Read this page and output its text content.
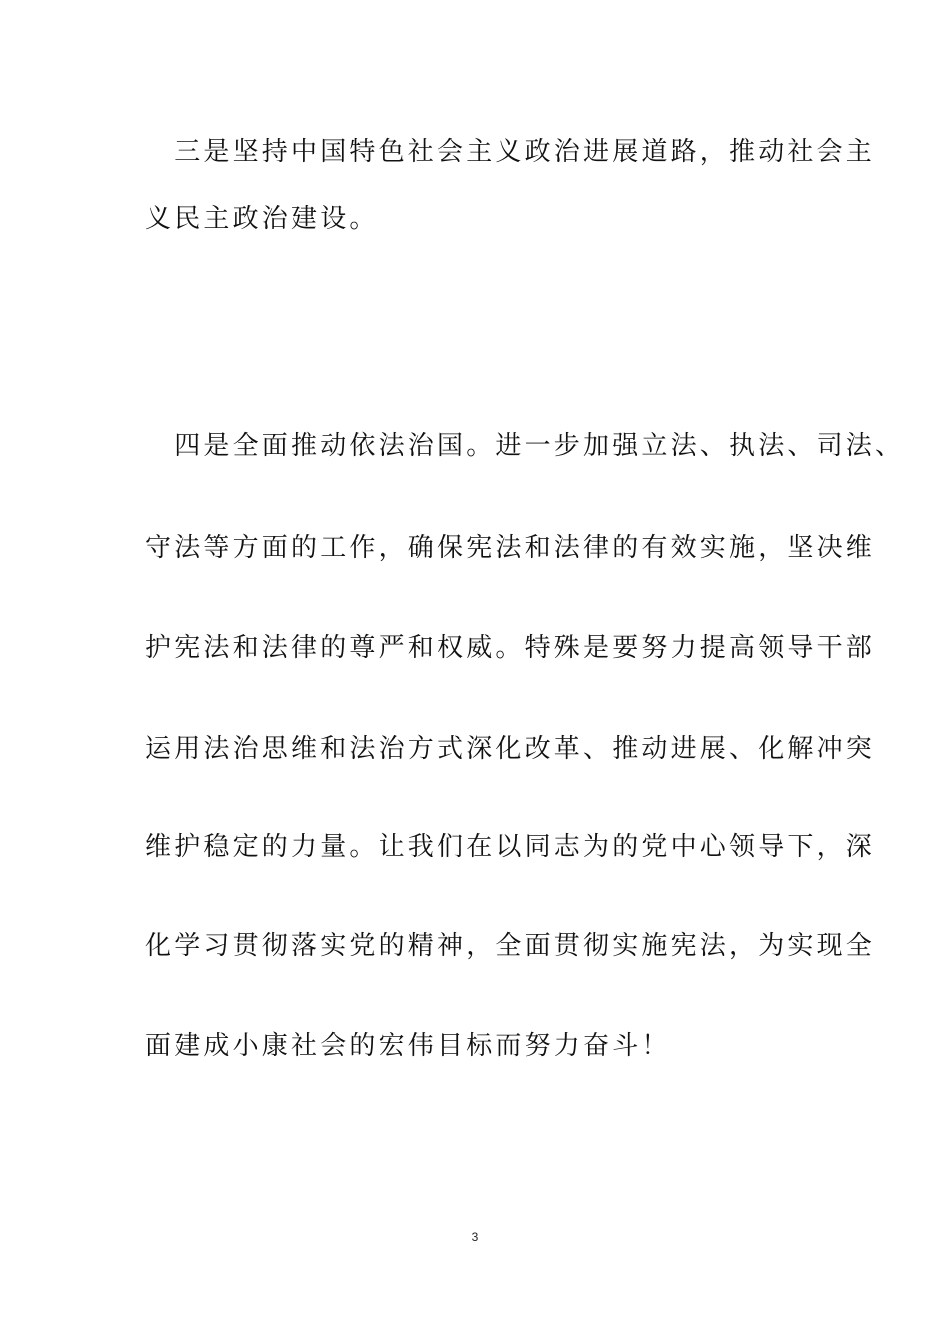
　三是坚持中国特色社会主义政治进展道路，推动社会主
义民主政治建设。
　四是全面推动依法治国。进一步加强立法、执法、司法、
守法等方面的工作，确保宪法和法律的有效实施，坚决维
护宪法和法律的尊严和权威。特殊是要努力提高领导干部
运用法治思维和法治方式深化改革、推动进展、化解冲突
维护稳定的力量。让我们在以同志为的党中心领导下，深
化学习贯彻落实党的精神，全面贯彻实施宪法，为实现全
面建成小康社会的宏伟目标而努力奋斗！
3
